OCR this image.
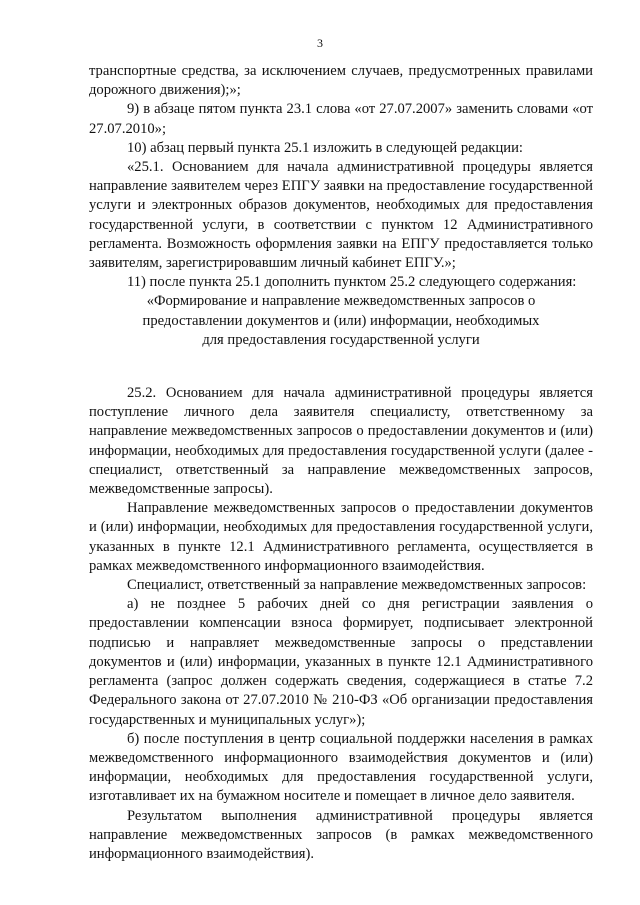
3

транспортные средства, за исключением случаев, предусмотренных правилами дорожного движения);»;

9) в абзаце пятом пункта 23.1 слова «от 27.07.2007» заменить словами «от 27.07.2010»;

10) абзац первый пункта 25.1 изложить в следующей редакции:

«25.1. Основанием для начала административной процедуры является направление заявителем через ЕПГУ заявки на предоставление государственной услуги и электронных образов документов, необходимых для предоставления государственной услуги, в соответствии с пунктом 12 Административного регламента. Возможность оформления заявки на ЕПГУ предоставляется только заявителям, зарегистрировавшим личный кабинет ЕПГУ.»;

11) после пункта 25.1 дополнить пунктом 25.2 следующего содержания:

«Формирование и направление межведомственных запросов о

предоставлении документов и (или) информации, необходимых

для предоставления государственной услуги

25.2. Основанием для начала административной процедуры является поступление личного дела заявителя специалисту, ответственному за направление межведомственных запросов о предоставлении документов и (или) информации, необходимых для предоставления государственной услуги (далее - специалист, ответственный за направление межведомственных запросов, межведомственные запросы).

Направление межведомственных запросов о предоставлении документов и (или) информации, необходимых для предоставления государственной услуги, указанных в пункте 12.1 Административного регламента, осуществляется в рамках межведомственного информационного взаимодействия.

Специалист, ответственный за направление межведомственных запросов:

а) не позднее 5 рабочих дней со дня регистрации заявления о предоставлении компенсации взноса формирует, подписывает электронной подписью и направляет межведомственные запросы о представлении документов и (или) информации, указанных в пункте 12.1 Административного регламента (запрос должен содержать сведения, содержащиеся в статье 7.2 Федерального закона от 27.07.2010 № 210-ФЗ «Об организации предоставления государственных и муниципальных услуг»);

б) после поступления в центр социальной поддержки населения в рамках межведомственного информационного взаимодействия документов и (или) информации, необходимых для предоставления государственной услуги, изготавливает их на бумажном носителе и помещает в личное дело заявителя.

Результатом выполнения административной процедуры является направление межведомственных запросов (в рамках межведомственного информационного взаимодействия).
